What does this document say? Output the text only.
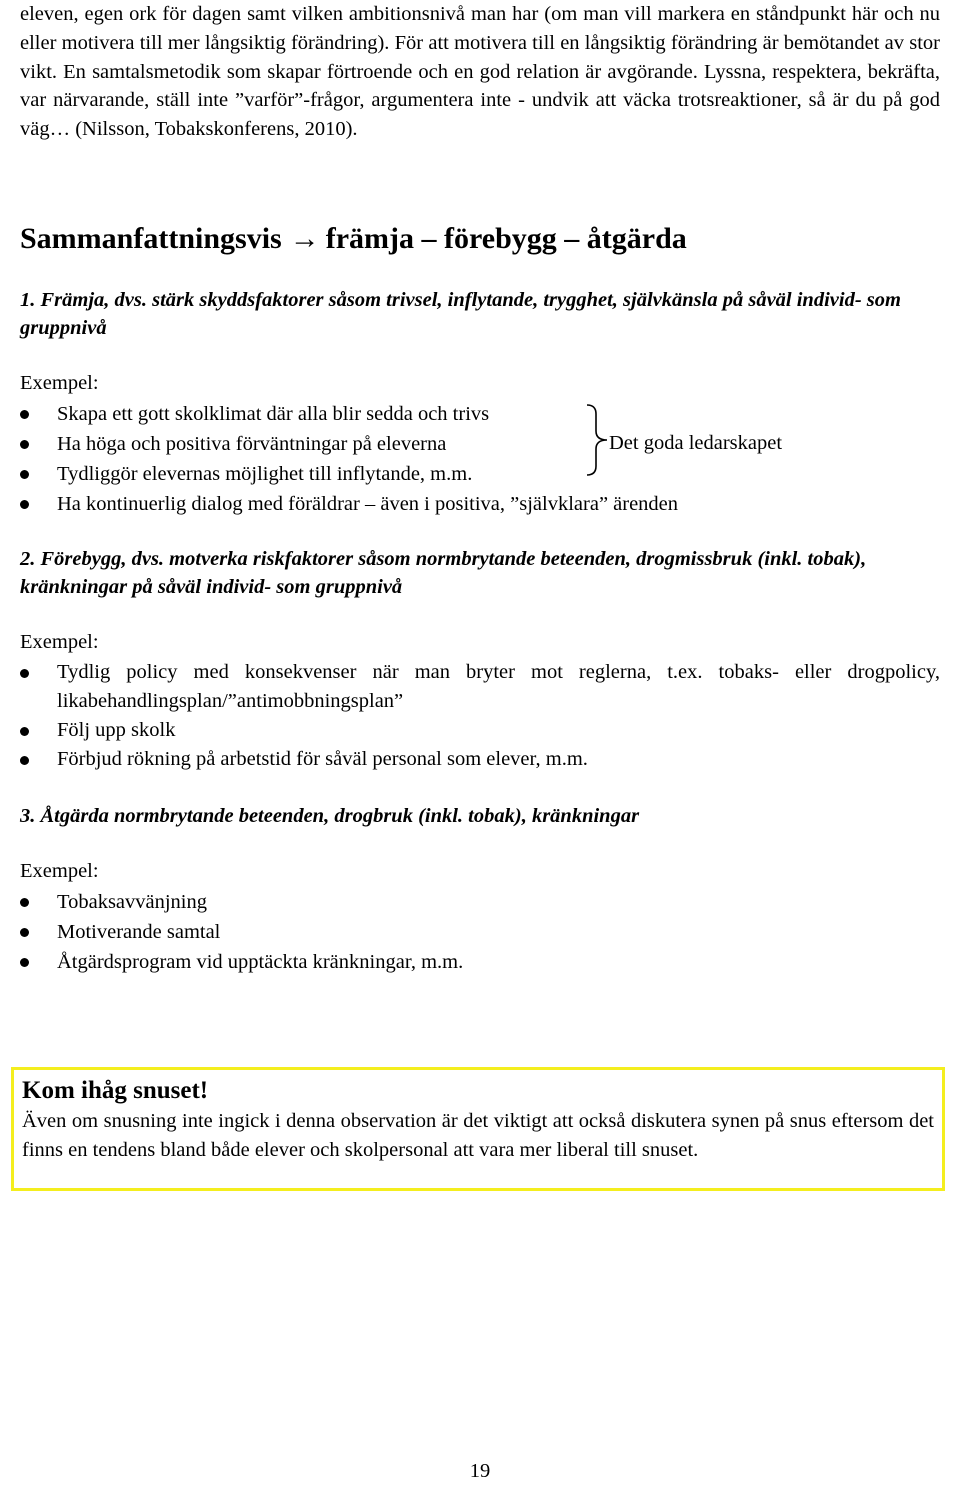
eleven, egen ork för dagen samt vilken ambitionsnivå man har (om man vill markera en ståndpunkt här och nu eller motivera till mer långsiktig förändring). För att motivera till en långsiktig förändring är bemötandet av stor vikt. En samtalsmetodik som skapar förtroende och en god relation är avgörande. Lyssna, respektera, bekräfta, var närvarande, ställ inte ”varför”-frågor, argumentera inte - undvik att väcka trotsreaktioner, så är du på god väg… (Nilsson, Tobakskonferens, 2010).

Sammanfattningsvis → främja – förebygg – åtgärda

1. Främja, dvs. stärk skyddsfaktorer såsom trivsel, inflytande, trygghet, självkänsla på såväl individ- som gruppnivå

Exempel:

Skapa ett gott skolklimat där alla blir sedda och trivs
Ha höga och positiva förväntningar på eleverna
Tydliggör elevernas möjlighet till inflytande, m.m.
Ha kontinuerlig dialog med föräldrar – även i positiva, ”självklara” ärenden

Det goda ledarskapet

2. Förebygg, dvs. motverka riskfaktorer såsom normbrytande beteenden, drogmissbruk (inkl. tobak), kränkningar på såväl individ- som gruppnivå

Exempel:

Tydlig policy med konsekvenser när man bryter mot reglerna, t.ex. tobaks- eller drogpolicy, likabehandlingsplan/”antimobbningsplan”
Följ upp skolk
Förbjud rökning på arbetstid för såväl personal som elever, m.m.

3. Åtgärda normbrytande beteenden, drogbruk (inkl. tobak), kränkningar

Exempel:

Tobaksavvänjning
Motiverande samtal
Åtgärdsprogram vid upptäckta kränkningar, m.m.

Kom ihåg snuset!

Även om snusning inte ingick i denna observation är det viktigt att också diskutera synen på snus eftersom det finns en tendens bland både elever och skolpersonal att vara mer liberal till snuset.

19
